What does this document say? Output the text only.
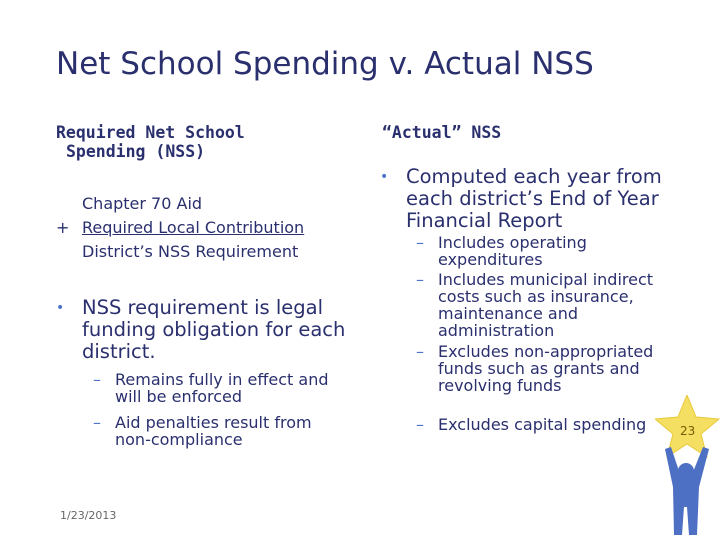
Net School Spending v. Actual NSS
Required Net School
Spending (NSS)
Chapter 70 Aid
+ Required Local Contribution
District’s NSS Requirement
• NSS requirement is legal funding obligation for each district.
– Remains fully in effect and will be enforced
– Aid penalties result from non-compliance
“Actual” NSS
• Computed each year from each district’s End of Year Financial Report
– Includes operating expenditures
– Includes municipal indirect costs such as insurance, maintenance and administration
– Excludes non-appropriated funds such as grants and revolving funds
– Excludes capital spending
1/23/2013
23
